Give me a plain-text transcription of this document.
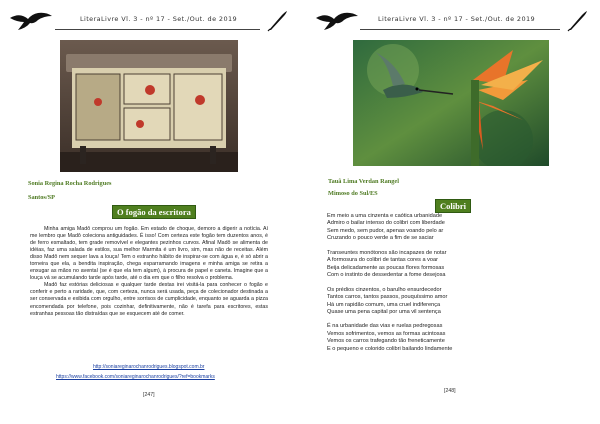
LiteraLivre Vl. 3 - nº 17 - Set./Out. de 2019
Sonia Regina Rocha Rodrigues
Santos/SP
O fogão da escritora

Minha amiga Madô comprou um fogão. Em estado de choque, demoro a digerir a notícia. Aí me lembro que Madô coleciona antiguidades. É isso! Com certeza este fogão tem duzentos anos, é de ferro esmaltado, tem grade removível e elegantes pezinhos curvos. Afinal Madô se alimenta de idéias, faz uma salada de estilos, sua melhor Marmita é um livro, sim, mas não de receitas. Além disso Madô nem sequer lava a louça! Tem o estranho hábito de inspirar-se com água e, é só abrir a torneira que ela, a bendita inspiração, chega esparramando imagens e minha amiga se retira a enxugar as mãos no avental (se é que ela tem algum), à procura de papel e caneta. Imagine que a louça vá se acumulando tarde após tarde, até o dia em que o filho resolva o problema.

Madô faz estórias deliciosas e qualquer tarde destas irei visitá-la para conhecer o fogão e conferir e perto a raridade, que, com certeza, nunca será usada, peça de colecionador destinada a ser conservada e exibida com orgulho, entre sorrisos de cumplicidade, enquanto se aguarda a pizza encomendada por telefone, pois cozinhar, definitivamente, não é tarefa para escritores, estas estranhas pessoas tão distraídas que se esquecem até de comer.

http://soniareginarochanrodrigues.blogspot.com.br
https://www.facebook.com/soniareginarochanrodrigues/?ref=bookmarks
[247]
LiteraLivre Vl. 3 - nº 17 - Set./Out. de 2019
Tauã Lima Verdan Rangel
Mimoso do Sul/ES
Colibri
Em meio a uma cinzenta e caótica urbanidade
Admiro o bailar intenso do colibri com liberdade
Sem medo, sem pudor, apenas voando pelo ar
Cruzando o pouco verde a fim de se saciar
Transeuntes monótonos são incapazes de notar
A formosura do colibri de tantas cores a voar
Beija delicadamente as poucas flores formosas
Com o instinto de dessedentar a fome desejosa
Os prédios cinzentos, o barulho ensurdecedor
Tantos carros, tantos passos, pouquíssimo amor
Há um rapidão comum, uma cruel indiferença
Quase uma pena capital por uma vil sentença
É na urbanidade das vias e ruelas pedregosas
Vemos sofrimentos, vemos as formas acintosas
Vemos os carros trafegando tão freneticamente
E o pequeno e colorido colibri bailando lindamente
[248]
